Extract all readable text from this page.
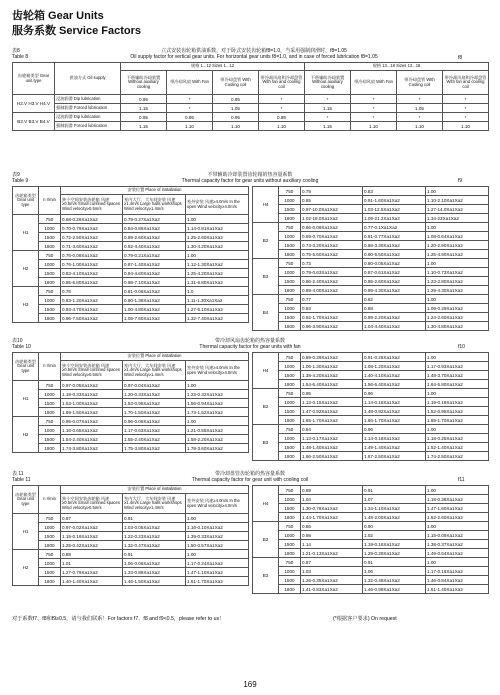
齿轮箱 Gear Units
服务系数 Service Factors
表8
Table 8
立式安装齿轮箱供油系数，对于卧式安装齿轮箱f8=1.0，当采用强制润滑时，f8=1.05
Oil supply factor for vertical gear units. For horizontal gear units f8=1.0, and in case of forced lubrication f8=1.05	f8
齿轮箱类型 Gear unit type	供油方式 Oil supply	规格 1...12 Sizes 1...12				规格 13...18 Sizes 13...18			
		不带辅助冷却装置 Without auxiliary cooling	带冷却风扇 With Fan	带冷却盘管 With Cooling coil	带冷却风扇和冷却盘管 With fan and cooling coil	不带辅助冷却装置 Without auxiliary cooling	带冷却风扇 With Fan	带冷却盘管 With Cooling coil	带冷却风扇和冷却盘管 With fan and cooling coil
H2.V H3.V H4.V	浸油润滑 Dip lubrication	0.95	*	0.95	*	*	*	*	*
	强制润滑 Forced lubrication	1.15	*	1.05	*	1.15	*	1.05	*
B2.V B3.V B4.V	浸油润滑 Dip lubrication	0.95	0.95	0.95	0.95	*	*	*	*
	强制润滑 Forced lubrication	1.15	1.10	1.10	1.10	1.15	1.10	1.10	1.10
表9
Table 9
不带辅助冷却装置齿轮箱的热容量系数
Thermal capacity factor for gear units without auxiliary cooling	f9
齿轮箱类型 Gear unit type	n r/min	安装位置 Place of installation		
		狭小空间安装齿轮箱 风速≥0.5m/s Small confined spaces Wind velocity≥0.5m/s	室内大厅、大车间安装 风速≥1.4m/s Large halls workshops Wind velocity≥1.4m/s	室外安装 风速≥4.0m/s In the open Wind velocity≥4.0m/s
H1	750	0.68-0.26Xa1Xa2	0.79-0.27Xa1Xa2	1.00
	1000	0.70-0.79Xa1Xa2	0.84-0.85Xa1Xa2	1.14-0.81Xa1Xa2
	1500	0.72-2.50Xa1Xa2	0.89-2.60Xa1Xa2	1.25-2.60Xa1Xa2
	1800	0.71-3.60Xa1Xa2	0.92-4.40Xa1Xa2	1.30-4.20Xa1Xa2
H2	750	0.76-0.08Xa1Xa2	0.79-0.21Xa1Xa2	1.00
	1000	0.76-1.00Xa1Xa2	0.87-1.40Xa1Xa2	1.12-1.30Xa1Xa2
	1500	0.83-4.10Xa1Xa2	0.94-4.60Xa1Xa2	1.25-4.20Xa1Xa2
	1800	0.85-6.80Xa1Xa2	0.98-7.10Xa1Xa2	1.31-6.80Xa1Xa2
H3	750	0.76	0.81-0.06Xa1Xa2	1.0
	1000	0.83-1.20Xa1Xa2	0.90-1.36Xa1Xa2	1.11-1.30Xa1Xa2
	1500	0.93-4.70Xa1Xa2	1.00-4.80Xa1Xa2	1.27-5.10Xa1Xa2
	1800	0.96-7.50Xa1Xa2	1.05-7.60Xa1Xa2	1.32-7.40Xa1Xa2
H4	750	0.78	0.83	1.00
	1000	0.85	0.91-1.60Xa1Xa2	1.10-2.10Xa1Xa2
	1500	0.97-10.0Xa1Xa2	1.03-12.5Xa1Xa2	1.27-14.0Xa1Xa2
	1800	1.02-18.0Xa1Xa2	1.09-21.2Xa1Xa2	1.34-23Xa1Xa2
B2	750	0.66-0.09Xa1Xa2	0.77-0.1Xa1Xa2	1.00
	1000	0.69-0.70Xa1Xa2	0.81-0.77Xa1Xa2	1.08-0.64Xa1Xa2
	1500	0.74-3.20Xa1Xa2	0.88-3.30Xa1Xa2	1.20-2.90Xa1Xa2
	1800	0.75-5.60Xa1Xa2	0.90-5.50Xa1Xa2	1.25-4.90Xa1Xa2
B3	750	0.73	0.80-0.05Xa1Xa2	1.00
	1000	0.79-0.63Xa1Xa2	0.87-0.61Xa1Xa2	1.10-0.73Xa1Xa2
	1500	0.86-2.40Xa1Xa2	0.95-2.60Xa1Xa2	1.23-2.80Xa1Xa2
	1800	0.89-4.00Xa1Xa2	0.99-4.30Xa1Xa2	1.29-4.30Xa1Xa2
B4	750	0.77	0.82	1.00
	1000	0.83	0.88	1.09-0.29Xa1Xa2
	1500	0.92-1.70Xa1Xa2	0.99-2.20Xa1Xa2	1.24-2.60Xa1Xa2
	1800	0.96-3.90Xa1Xa2	1.04-4.40Xa1Xa2	1.30-4.80Xa1Xa2
表10
Table 10
带冷却风扇齿轮箱的热容量系数
Thermal capacity factor for gear units with fan	f10
齿轮箱类型 Gear unit type	n r/min	安装位置 Place of installation		
		狭小空间安装齿轮箱 风速≥0.5m/s Small confined spaces Wind velocity≥0.5m/s	室内大厅、大车间安装 风速≥1.4m/s Large halls workshops Wind velocity≥1.4m/s	室外安装 风速≥4.0m/s In the open Wind velocity≥4.0m/s
H1	750	0.97-0.05Xa1Xa2	0.97-0.04Xa1Xa2	1.00
	1000	1.18-0.33Xa1Xa2	1.20-0.33Xa1Xa2	1.23-0.32Xa1Xa2
	1500	1.53-1.00Xa1Xa2	1.53-0.95Xa1Xa2	1.56-0.94Xa1Xa2
	1800	1.69-1.50Xa1Xa2	1.70-1.50Xa1Xa2	1.73-1.52Xa1Xa2
H2	750	0.95-0.07Xa1Xa2	0.96-0.06Xa1Xa2	1.00
	1000	1.16-0.65Xa1Xa2	1.17-0.63Xa1Xa2	1.21-0.55Xa1Xa2
	1500	1.54-2.40Xa1Xa2	1.55-2.40Xa1Xa2	1.58-2.20Xa1Xa2
	1800	1.74-3.80Xa1Xa2	1.75-3.80Xa1Xa2	1.78-3.60Xa1Xa2
H4	750	0.89-0.29Xa1Xa2	0.91-0.25Xa1Xa2	1.00
	1000	1.06-1.30Xa1Xa2	1.08-1.20Xa1Xa2	1.17-0.93Xa1Xa2
	1500	1.38-4.20Xa1Xa2	1.40-4.10Xa1Xa2	1.48-3.70Xa1Xa2
	1800	1.54-6.40Xa1Xa2	1.56-6.40Xa1Xa2	1.64-5.80Xa1Xa2
B2	750	0.95	0.96	1.00
	1000	1.13-0.15Xa1Xa2	1.14-0.16Xa1Xa2	1.19-0.19Xa1Xa2
	1500	1.47-0.92Xa1Xa2	1.48-0.92Xa1Xa2	1.52-0.95Xa1Xa2
	1800	1.65-1.70Xa1Xa2	1.66-1.70Xa1Xa2	1.69-1.70Xa1Xa2
B3	750	0.94	0.96	1.00
	1000	1.13-0.17Xa1Xa2	1.14-0.18Xa1Xa2	1.18-0.25Xa1Xa2
	1500	1.48-1.40Xa1Xa2	1.49-1.40Xa1Xa2	1.52-1.40Xa1Xa2
	1800	1.66-2.50Xa1Xa2	1.67-2.50Xa1Xa2	1.74-2.50Xa1Xa2
表 11
Table 11
带冷却盘管齿轮箱的热容量系数
Thermal capacity factor for gear unit with cooling coil	f11
齿轮箱类型 Gear unit type	n r/min	安装位置 Place of installation		
		狭小空间安装齿轮箱 风速≥0.5m/s Small confined spaces Wind velocity≥0.5m/s	室内大厅、大车间安装 风速≥1.4m/s Large halls workshops Wind velocity≥1.4m/s	室外安装 风速≥4.0m/s In the open Wind velocity≥4.0m/s
H1	750	0.87	0.91	1.00
	1000	0.97-0.02Xa1Xa2	1.03-0.05Xa1Xa2	1.16-0.10Xa1Xa2
	1500	1.15-0.19Xa1Xa2	1.22-0.23Xa1Xa2	1.39-0.33Xa1Xa2
	1800	1.25-0.42Xa1Xa2	1.32-0.47Xa1Xa2	1.50-0.57Xa1Xa2
H2	750	0.88	0.91	1.00
	1000	1.01	1.06-0.06Xa1Xa2	1.17-0.24Xa1Xa2
	1500	1.27-0.79Xa1Xa2	1.33-0.88Xa1Xa2	1.47-1.10Xa1Xa2
	1800	1.40-1.40Xa1Xa2	1.46-1.50Xa1Xa2	1.61-1.70Xa1Xa2
H4	750	0.89	0.91	1.00
	1000	1.04	1.07	1.18-0.38Xa1Xa2
	1500	1.30-0.78Xa1Xa2	1.34-1.10Xa1Xa2	1.47-1.60Xa1Xa2
	1800	1.44-1.70Xa1Xa2	1.48-2.00Xa1Xa2	1.62-2.60Xa1Xa2
B2	750	0.86	0.90	1.00
	1000	0.98	1.02	1.15-0.09Xa1Xa2
	1500	1.14	1.19-0.16Xa1Xa2	1.38-0.37Xa1Xa2
	1800	1.21-0.13Xa1Xa2	1.29-0.29Xa1Xa2	1.49-0.64Xa1Xa2
B3	750	0.87	0.91	1.00
	1000	1.03	1.06	1.17-0.16Xa1Xa2
	1500	1.26-0.35Xa1Xa2	1.32-0.48Xa1Xa2	1.46-0.84Xa1Xa2
	1800	1.41-0.83Xa1Xa2	1.46-0.99Xa1Xa2	1.61-1.40Xa1Xa2
对于系数f7、f8和f9≥0.5，请与我们联系！For factors f7、f8 and f9<0.5，please refer to us！	(*根据客户要求) On request
169
